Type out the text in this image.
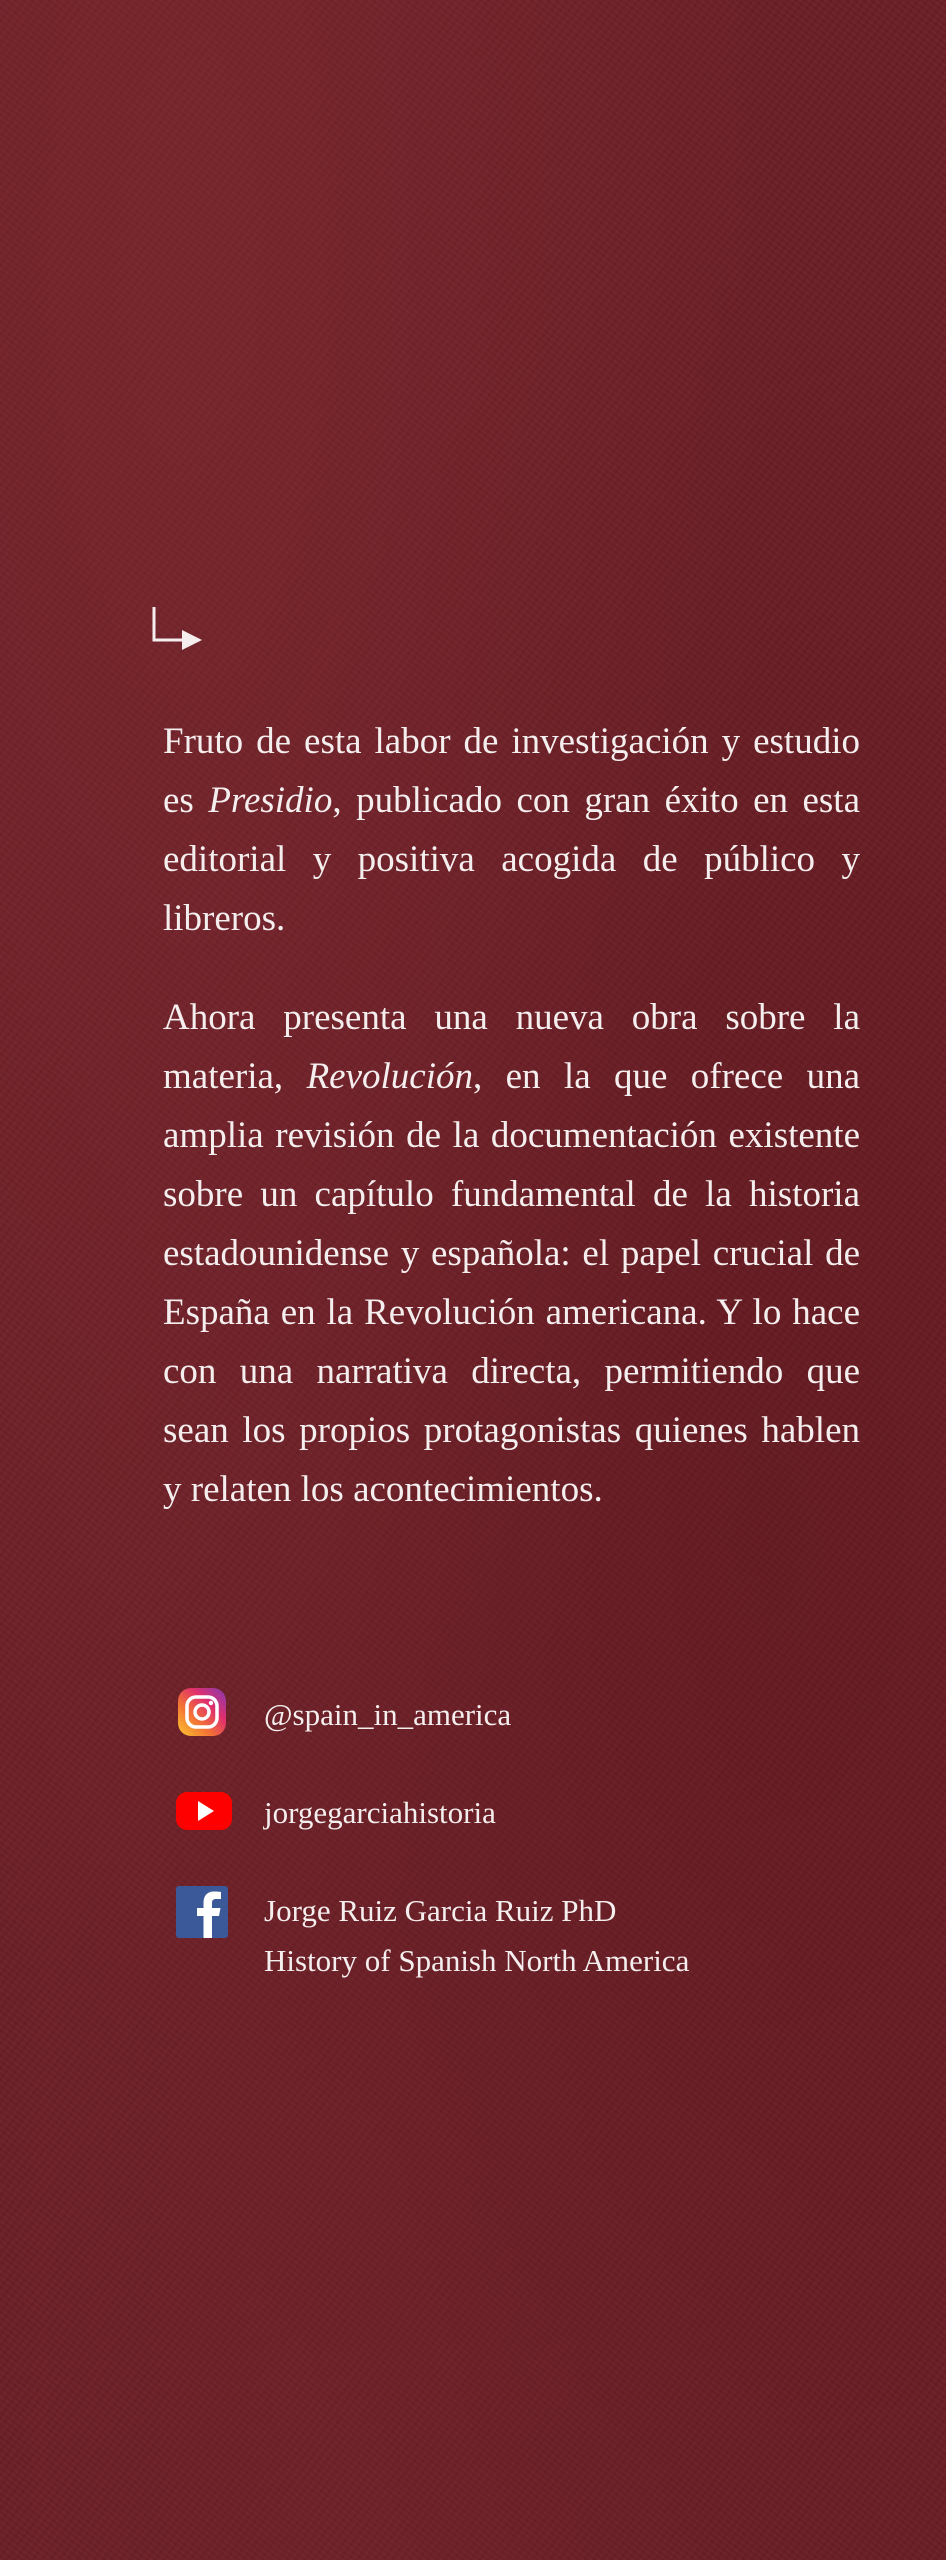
Fruto de esta labor de investigación y estudio es Presidio, publicado con gran éxito en esta editorial y positiva acogida de público y libreros.

Ahora presenta una nueva obra sobre la materia, Revolución, en la que ofrece una amplia revisión de la documentación existente sobre un capítulo fundamental de la historia estadounidense y española: el papel crucial de España en la Revolución americana. Y lo hace con una narrativa directa, permitiendo que sean los propios protagonistas quienes hablen y relaten los acontecimientos.

@spain_in_america
jorgegarciahistoria
Jorge Ruiz Garcia Ruiz PhD
History of Spanish North America
